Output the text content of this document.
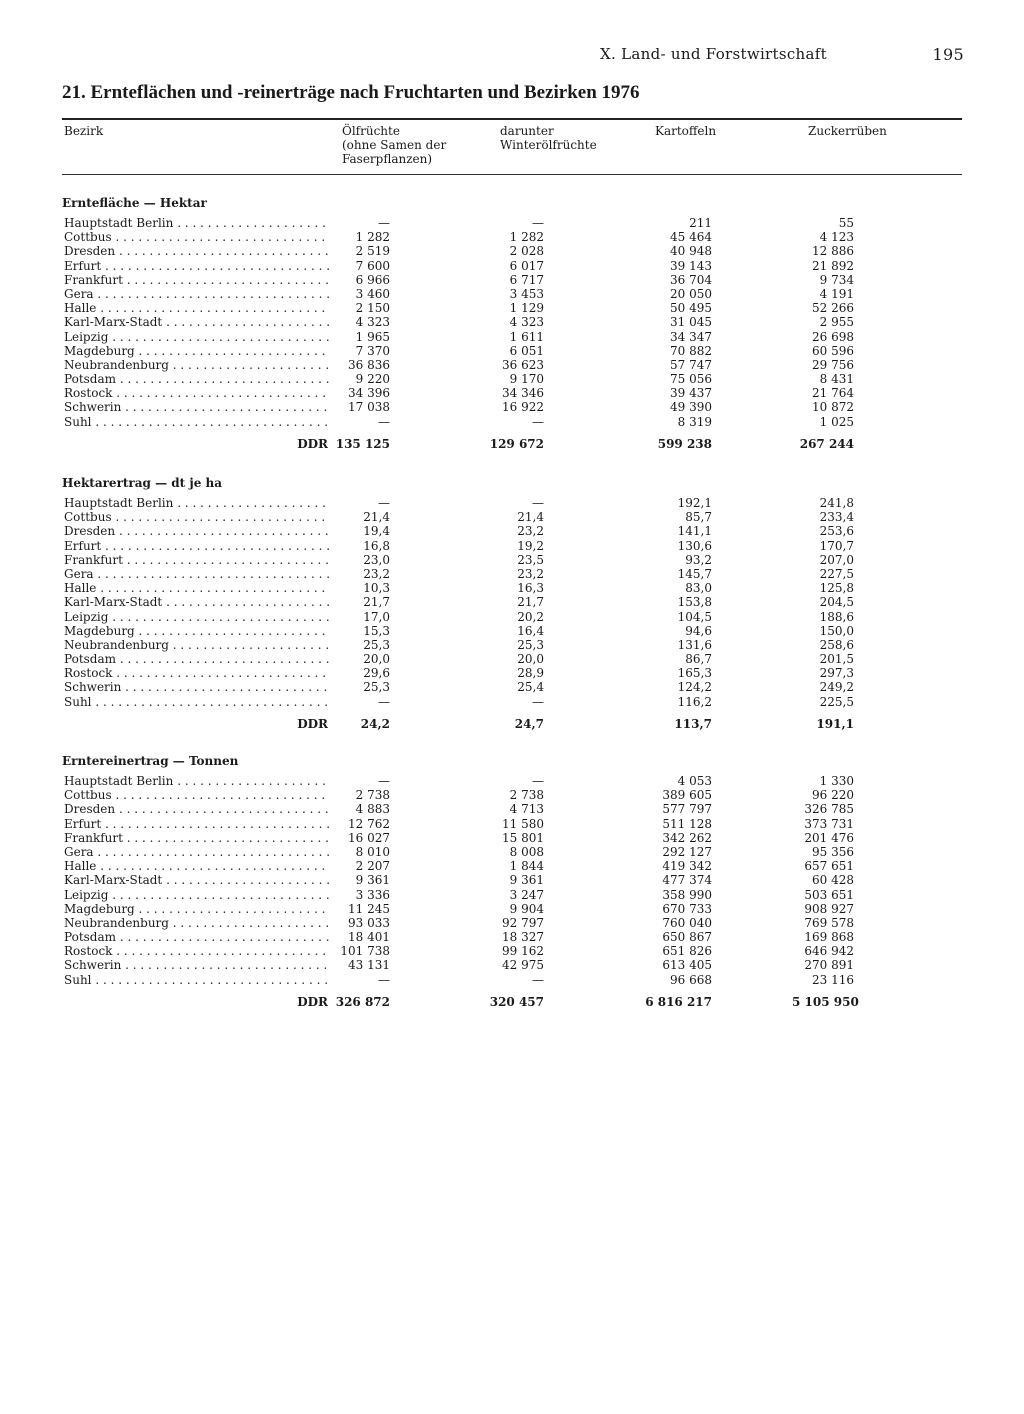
X. Land- und Forstwirtschaft	195
21. Ernteflächen und -reinerträge nach Fruchtarten und Bezirken 1976
Bezirk	Ölfrüchte
(ohne Samen der
Faserpflanzen)
darunter
Winterölfrüchte
Kartoffeln	Zuckerrüben
Erntefläche — Hektar
Hauptstadt Berlin . . .	—	—	211	55
Cottbus . . .	1 282	1 282	45 464	4 123
Dresden . . .	2 519	2 028	40 948	12 886
Erfurt . . .	7 600	6 017	39 143	21 892
Frankfurt . . .	6 966	6 717	36 704	9 734
Gera . . .	3 460	3 453	20 050	4 191
Halle . . .	2 150	1 129	50 495	52 266
Karl-Marx-Stadt . . .	4 323	4 323	31 045	2 955
Leipzig . . .	1 965	1 611	34 347	26 698
Magdeburg . . .	7 370	6 051	70 882	60 596
Neubrandenburg . . .	36 836	36 623	57 747	29 756
Potsdam . . .	9 220	9 170	75 056	8 431
Rostock . . .	34 396	34 346	39 437	21 764
Schwerin . . .	17 038	16 922	49 390	10 872
Suhl . . .	—	—	8 319	1 025
DDR 135 125	129 672	599 238	267 244
Hektarertrag — dt je ha
Hauptstadt Berlin . . .	—	—	192,1	241,8
Cottbus . . .	21,4	21,4	85,7	233,4
Dresden . . .	19,4	23,2	141,1	253,6
Erfurt . . .	16,8	19,2	130,6	170,7
Frankfurt . . .	23,0	23,5	93,2	207,0
Gera . . .	23,2	23,2	145,7	227,5
Halle . . .	10,3	16,3	83,0	125,8
Karl-Marx-Stadt . . .	21,7	21,7	153,8	204,5
Leipzig . . .	17,0	20,2	104,5	188,6
Magdeburg . . .	15,3	16,4	94,6	150,0
Neubrandenburg . . .	25,3	25,3	131,6	258,6
Potsdam . . .	20,0	20,0	86,7	201,5
Rostock . . .	29,6	28,9	165,3	297,3
Schwerin . . .	25,3	25,4	124,2	249,2
Suhl . . .	—	—	116,2	225,5
DDR	24,2	24,7	113,7	191,1
Erntereinertrag — Tonnen
Hauptstadt Berlin . . .	—	—	4 053	1 330
Cottbus . . .	2 738	2 738	389 605	96 220
Dresden . . .	4 883	4 713	577 797	326 785
Erfurt . . .	12 762	11 580	511 128	373 731
Frankfurt . . .	16 027	15 801	342 262	201 476
Gera . . .	8 010	8 008	292 127	95 356
Halle . . .	2 207	1 844	419 342	657 651
Karl-Marx-Stadt . . .	9 361	9 361	477 374	60 428
Leipzig . . .	3 336	3 247	358 990	503 651
Magdeburg . . .	11 245	9 904	670 733	908 927
Neubrandenburg . . .	93 033	92 797	760 040	769 578
Potsdam . . .	18 401	18 327	650 867	169 868
Rostock . . .	101 738	99 162	651 826	646 942
Schwerin . . .	43 131	42 975	613 405	270 891
Suhl . . .	—	—	96 668	23 116
DDR 326 872	320 457	6 816 217	5 105 950
